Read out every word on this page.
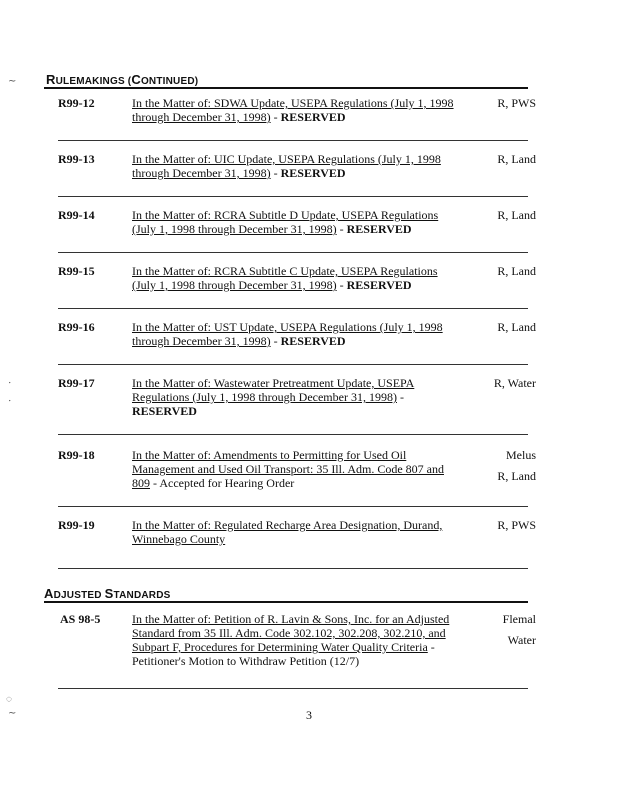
RULEMAKINGS (CONTINUED)
R99-12	In the Matter of: SDWA Update, USEPA Regulations (July 1, 1998 through December 31, 1998) - RESERVED
R, PWS
R99-13	In the Matter of: UIC Update, USEPA Regulations (July 1, 1998 through December 31, 1998) - RESERVED
R, Land
R99-14	In the Matter of: RCRA Subtitle D Update, USEPA Regulations (July 1, 1998 through December 31, 1998) - RESERVED
R, Land
R99-15	In the Matter of: RCRA Subtitle C Update, USEPA Regulations (July 1, 1998 through December 31, 1998) - RESERVED
R, Land
R99-16	In the Matter of: UST Update, USEPA Regulations (July 1, 1998 through December 31, 1998) - RESERVED
R, Land
R99-17	In the Matter of: Wastewater Pretreatment Update, USEPA Regulations (July 1, 1998 through December 31, 1998) - RESERVED
R, Water
R99-18	In the Matter of: Amendments to Permitting for Used Oil Management and Used Oil Transport: 35 Ill. Adm. Code 807 and 809 - Accepted for Hearing Order
Melus
R, Land
R99-19	In the Matter of: Regulated Recharge Area Designation, Durand, Winnebago County
R, PWS
ADJUSTED STANDARDS
AS 98-5	In the Matter of: Petition of R. Lavin & Sons, Inc. for an Adjusted Standard from 35 Ill. Adm. Code 302.102, 302.208, 302.210, and Subpart F, Procedures for Determining Water Quality Criteria - Petitioner's Motion to Withdraw Petition (12/7)
Flemal
Water
3
∼
⋅
⋅
◌
∼
